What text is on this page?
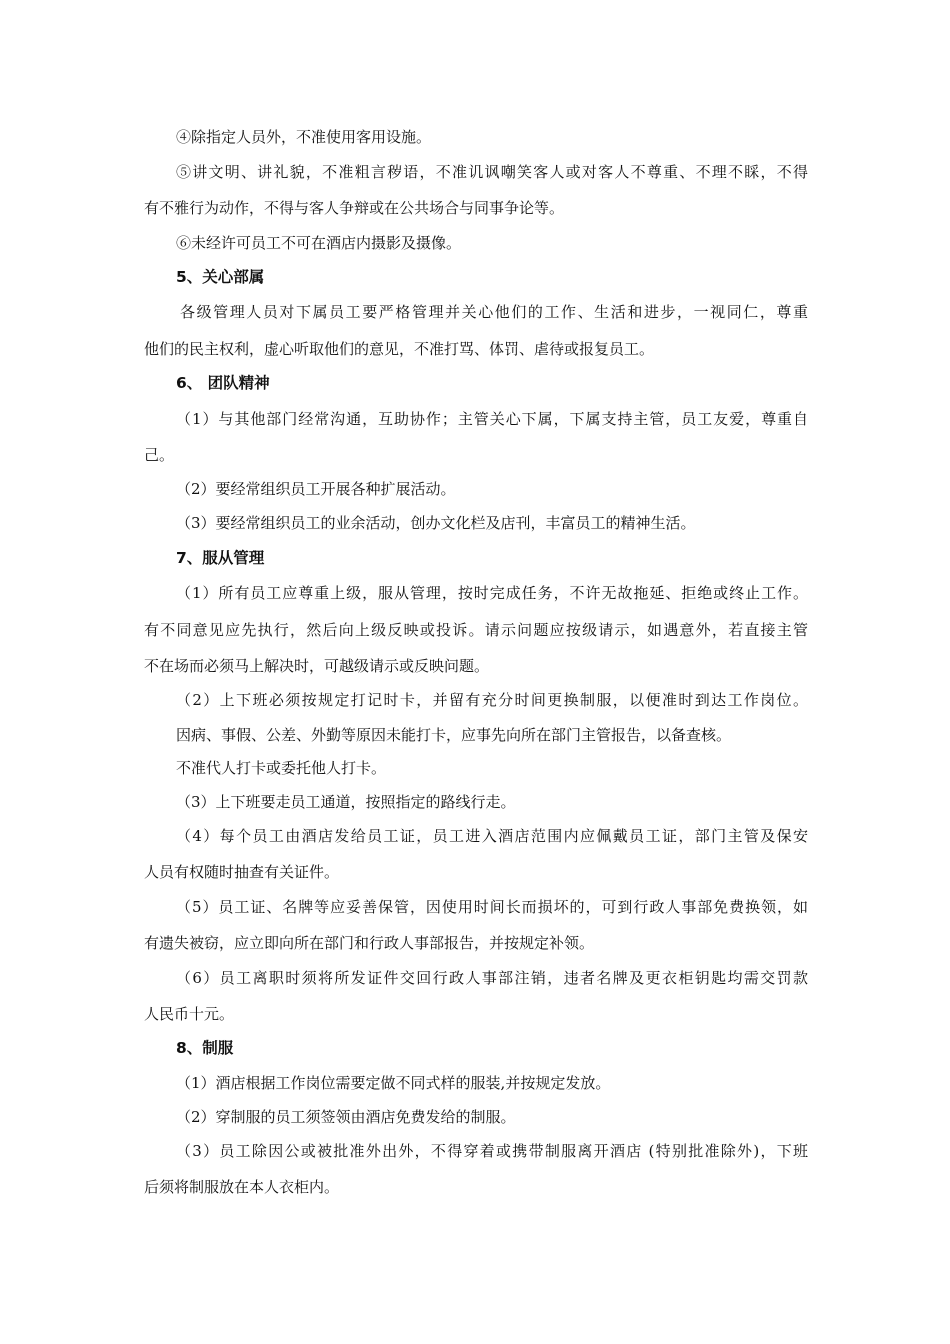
④除指定人员外，不准使用客用设施。
⑤讲文明、讲礼貌，不准粗言秽语，不准讥讽嘲笑客人或对客人不尊重、不理不睬，不得
有不雅行为动作，不得与客人争辩或在公共场合与同事争论等。
⑥未经许可员工不可在酒店内摄影及摄像。
5、关心部属
各级管理人员对下属员工要严格管理并关心他们的工作、生活和进步，一视同仁，尊重
他们的民主权利，虚心听取他们的意见，不准打骂、体罚、虐待或报复员工。
6、 团队精神
（1）与其他部门经常沟通，互助协作；主管关心下属，下属支持主管，员工友爱，尊重自
己。
（2）要经常组织员工开展各种扩展活动。
（3）要经常组织员工的业余活动，创办文化栏及店刊，丰富员工的精神生活。
7、服从管理
（1）所有员工应尊重上级，服从管理，按时完成任务，不许无故拖延、拒绝或终止工作。
有不同意见应先执行，然后向上级反映或投诉。请示问题应按级请示，如遇意外，若直接主管
不在场而必须马上解决时，可越级请示或反映问题。
（2）上下班必须按规定打记时卡，并留有充分时间更换制服，以便准时到达工作岗位。
因病、事假、公差、外勤等原因未能打卡，应事先向所在部门主管报告，以备查核。
不准代人打卡或委托他人打卡。
（3）上下班要走员工通道，按照指定的路线行走。
（4）每个员工由酒店发给员工证，员工进入酒店范围内应佩戴员工证，部门主管及保安
人员有权随时抽查有关证件。
（5）员工证、名牌等应妥善保管，因使用时间长而损坏的，可到行政人事部免费换领，如
有遗失被窃，应立即向所在部门和行政人事部报告，并按规定补领。
（6）员工离职时须将所发证件交回行政人事部注销，违者名牌及更衣柜钥匙均需交罚款
人民币十元。
8、制服
（1）酒店根据工作岗位需要定做不同式样的服装,并按规定发放。
（2）穿制服的员工须签领由酒店免费发给的制服。
（3）员工除因公或被批准外出外，不得穿着或携带制服离开酒店 (特别批准除外)，下班
后须将制服放在本人衣柜内。
